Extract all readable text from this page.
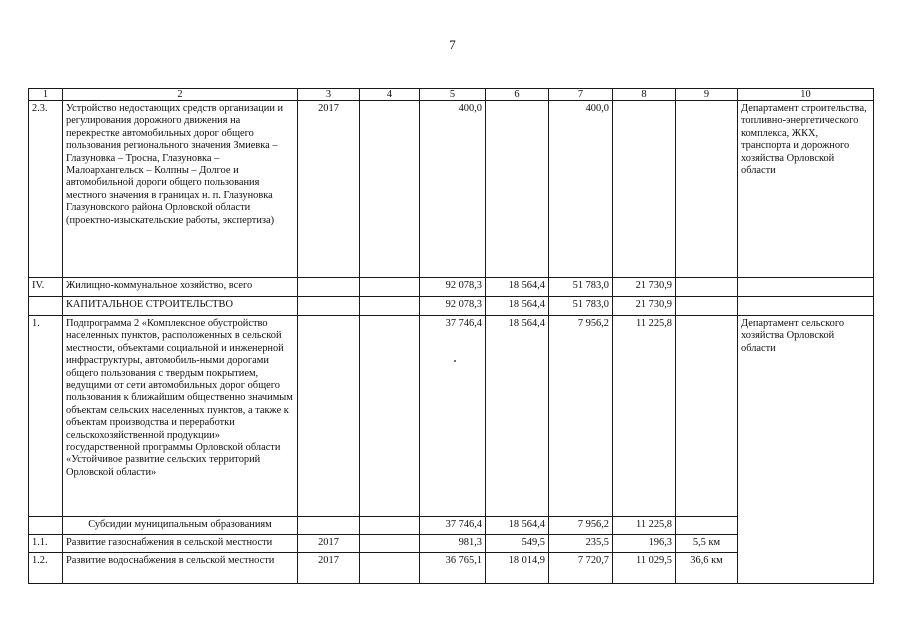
7
1	2	3	4	5	6	7	8	9	10
2.3.	Устройство недостающих средств организации и регулирования дорожного движения на перекрестке автомобильных дорог общего пользования регионального значения Змиевка – Глазуновка – Тросна, Глазуновка – Малоархангельск – Колпны – Долгое и автомобильной дороги общего пользования местного значения в границах н. п. Глазуновка Глазуновского района Орловской области (проектно-изыскательские работы, экспертиза)	2017		400,0		400,0			Департамент строительства, топливно-энергетического комплекса, ЖКХ, транспорта и дорожного хозяйства Орловской области
IV.	Жилищно-коммунальное хозяйство, всего			92 078,3	18 564,4	51 783,0	21 730,9		
	КАПИТАЛЬНОЕ СТРОИТЕЛЬСТВО			92 078,3	18 564,4	51 783,0	21 730,9		
1.	Подпрограмма 2 «Комплексное обустройство населенных пунктов, расположенных в сельской местности, объектами социальной и инженерной инфраструктуры, автомобиль-ными дорогами общего пользования с твердым покрытием, ведущими от сети автомобильных дорог общего пользования к ближайшим общественно значимым объектам сельских населенных пунктов, а также к объектам производства и переработки сельскохозяйственной продукции» государственной программы Орловской области «Устойчивое развитие сельских территорий Орловской области»			37 746,4	18 564,4	7 956,2	11 225,8		Департамент сельского хозяйства Орловской области
	Субсидии муниципальным образованиям			37 746,4	18 564,4	7 956,2	11 225,8		
1.1.	Развитие газоснабжения в сельской местности	2017		981,3	549,5	235,5	196,3	5,5 км	
1.2.	Развитие водоснабжения в сельской местности	2017		36 765,1	18 014,9	7 720,7	11 029,5	36,6 км	
